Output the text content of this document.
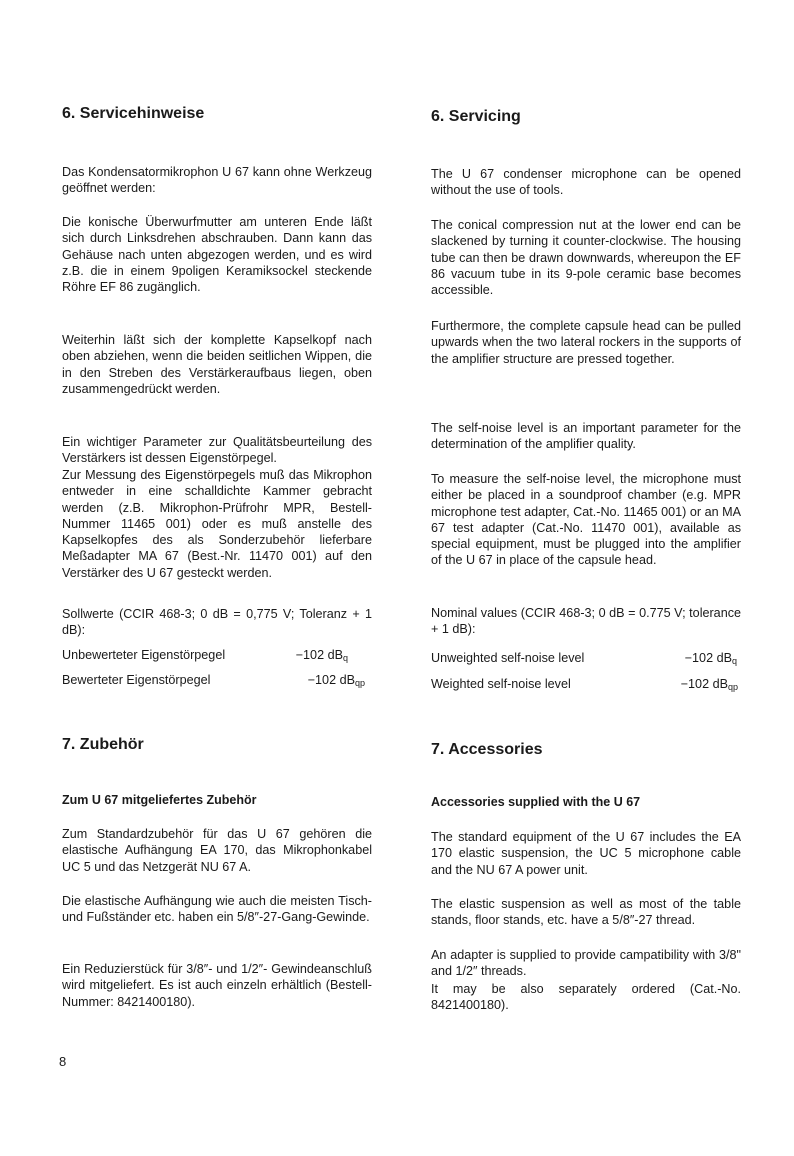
6. Servicehinweise

Das Kondensatormikrophon U 67 kann ohne Werkzeug geöffnet werden:

Die konische Überwurfmutter am unteren Ende läßt sich durch Linksdrehen abschrauben. Dann kann das Gehäuse nach unten abgezogen werden, und es wird z.B. die in einem 9poligen Keramiksockel steckende Röhre EF 86 zugänglich.

Weiterhin läßt sich der komplette Kapselkopf nach oben abziehen, wenn die beiden seitlichen Wippen, die in den Streben des Verstärkeraufbaus liegen, oben zusammengedrückt werden.

Ein wichtiger Parameter zur Qualitätsbeurteilung des Verstärkers ist dessen Eigenstörpegel.

Zur Messung des Eigenstörpegels muß das Mikrophon entweder in eine schalldichte Kammer gebracht werden (z.B. Mikrophon-Prüfrohr MPR, Bestell-Nummer 11465 001) oder es muß anstelle des Kapselkopfes des als Sonderzubehör lieferbare Meßadapter MA 67 (Best.-Nr. 11470 001) auf den Verstärker des U 67 gesteckt werden.

Sollwerte (CCIR 468-3; 0 dB = 0,775 V; Toleranz + 1 dB):

Unbewerteter Eigenstörpegel	−102 $dB_q$
Bewerteter Eigenstörpegel	−102 $dB_{qp}$
7. Zubehör
Zum U 67 mitgeliefertes Zubehör

Zum Standardzubehör für das U 67 gehören die elastische Aufhängung EA 170, das Mikrophonkabel UC 5 und das Netzgerät NU 67 A.

Die elastische Aufhängung wie auch die meisten Tisch- und Fußständer etc. haben ein 5/8″-27-Gang-Gewinde.

Ein Reduzierstück für 3/8″- und 1/2″- Gewindeanschluß wird mitgeliefert. Es ist auch einzeln erhältlich (Bestell-Nummer: 8421400180).

6. Servicing

The U 67 condenser microphone can be opened without the use of tools.

The conical compression nut at the lower end can be slackened by turning it counter-clockwise. The housing tube can then be drawn downwards, whereupon the EF 86 vacuum tube in its 9-pole ceramic base becomes accessible.

Furthermore, the complete capsule head can be pulled upwards when the two lateral rockers in the supports of the amplifier structure are pressed together.

The self-noise level is an important parameter for the determination of the amplifier quality.

To measure the self-noise level, the microphone must either be placed in a soundproof chamber (e.g. MPR microphone test adapter, Cat.-No. 11465 001) or an MA 67 test adapter (Cat.-No. 11470 001), available as special equipment, must be plugged into the amplifier of the U 67 in place of the capsule head.

Nominal values (CCIR 468-3; 0 dB = 0.775 V; tolerance + 1 dB):

Unweighted self-noise level	−102 $dB_q$
Weighted self-noise level	−102 $dB_{qp}$
7. Accessories
Accessories supplied with the U 67

The standard equipment of the U 67 includes the EA 170 elastic suspension, the UC 5 microphone cable and the NU 67 A power unit.

The elastic suspension as well as most of the table stands, floor stands, etc. have a 5/8″-27 thread.

An adapter is supplied to provide campatibility with 3/8" and 1/2″ threads.

It may be also separately ordered (Cat.-No. 8421400180).

8
